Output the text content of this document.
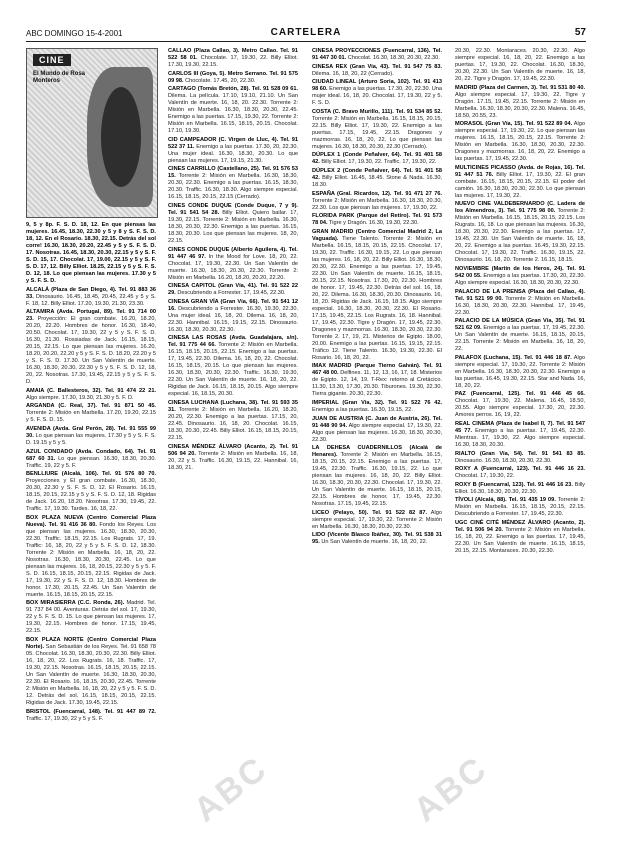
ABC DOMINGO 15-4-2001	CARTELERA	57
CINE
El Mundo de Rosa Monteros

9, 5 y 8p. F. S. D. 18, 12. En que piensas las mujeres. 16.45, 18.30, 22.30 y 5 y 8 y S. F. S. D. 18, 12. En el Rosario. 18.30, 22.15. Detrás del sol corre! 16.30, 18.30, 20.20, 22.45 y 5 y S. F. S. D. 17. Nosotras. 16.45, 18.30, 20.30, 22.15 y 5 y S. F. S. D. 15, 17. Chocolat. 17, 19.00, 22.15 y 5 y S. F. S. D. 17, 12. Billy Elliot. 18.25, 22.15 y 5 y S. F. S. D. 12, 18. Lo que piensan las mujeres. 17.30 y 5 y S. F. S. D.

ALCALÁ (Plaza de San Diego, 4). Tel. 91 883 36 33. Dinosaurio. 16.45, 18.45, 20.45, 22.45 y 5 y S. F. 18, 12. Billy Elliot. 17.20, 19.30, 21.30, 23.30.

ALTAMIRA (Avda. Portugal, 89). Tel. 91 714 00 23. Proyección: El gran combate. 16.20, 18.20, 20.20, 22.20. Hombres de honor. 16.30, 18.40, 20.50. Chocolat. 17, 19.30, 22 y 5 y S. F. S. D. 16.30, 21.30. Rossiadas de Jack. 16.15, 18.15, 20.15, 22.15. Lo que piensan las mujeres. 16.20, 18.20, 20.20, 22.20 y 5 y S. F. S. D. 18.20, 22.20 y 5 y S. F. S. D. 17.30. Un San Valentín de muerte. 16.30, 18.30, 20.30, 22.30 y 5 y 5. F. S. D. 12, 18, 20, 22. Nosotras. 17.30, 19.45, 22.15 y 5 y S. F. S. D.

AMAIA (C. Ballesteros, 32). Tel. 91 474 22 21. Algo siempre. 17.30, 19.30, 21.30 y 5. F. D.

ARGANDA (C. Real, 37). Tel. 91 871 50 45. Torrente 2: Misión en Marbella. 17.20, 19.20, 22.15 y 5. F. S. D. 15.

AVENIDA (Avda. Gral Perón, 28). Tel. 91 555 99 30. Lo que piensan las mujeres. 17.30 y 5 y S. F. S. D. 19.15 y 5 y 5.

AZUL CONDADO (Avda. Condado, 64). Tel. 91 687 60 31. Lo que piensan. 16.30, 18.30, 20.30. Traffic. 19, 22 y 5. F.

BENLLIURE (Alcalá, 106). Tel. 91 576 80 70. Proyecciones y El gran combate. 16.30, 18.30, 20.30, 22.30 y S. F. S. D. 12. El Rosario. 16.15, 18.15, 20.15, 22.15 y 5 y S. F. S. D. 12, 18. Rigidas de Jack. 16.20, 18.20. Nosotras. 17.30, 19.45, 22. Traffic. 17, 19.30. Tardes. 16, 18, 22.

BOX PLAZA NUEVA (Centro Comercial Plaza Nueva). Tel. 91 416 36 80. Fondo los Reyes. Los que piensan las mujeres. 16.30, 18.30, 20.30, 22.30. Traffic. 18.15, 22.15. Los Rugrats. 17, 19. Traffic: 16, 18, 20, 22 y 5 y 5. F. S. D. 12, 18.30. Torrente 2: Misión en Marbella. 16, 18, 20, 22. Nosotras. 16.30, 18.30, 20.30, 22.45. Lo que piensan las mujeres. 16, 18, 20.15, 22.30 y 5 y 5. F. S. D. 16.15, 18.15, 20.15, 22.15. Rigidas de Jack. 17, 19.30, 22 y S. F. S. D. 12, 18.30. Hombres de honor. 17.30, 20.15, 22.45. Un San Valentín de muerte. 16.15, 18.15, 20.15, 22.15.

BOX MIRASIERRA (C.C. Ronda, 26). Madrid. Tel. 91 737 84 00. Aventuras. Detrás del sol. 17, 19.30, 22 y 5. F. S. D. 15. Lo que piensan las mujeres. 17, 19.30, 22.15. Hombres de honor. 17.15, 19.45, 22.15.

BOX PLAZA NORTE (Centro Comercial Plaza Norte). San Sebastián de los Reyes. Tel. 91 658 78 05. Chocolat. 16.30, 18.30, 20.30, 22.30. Billy Elliot. 16, 18, 20, 22. Los Rugrats. 16, 18. Traffic. 17, 19.30, 22.15. Nosotras. 16.15, 18.15, 20.15, 22.15. Un San Valentín de muerte. 16.30, 18.30, 20.30, 22.30. El Rosario. 16, 18.15, 20.30, 22.45. Torrente 2: Misión en Marbella. 16, 18, 20, 22 y 5 y 5. F. S. D. 12. Detrás del sol. 16.15, 18.15, 20.15, 22.15. Rigidas de Jack. 17.30, 19.45, 22.15.

BRISTOL (Fuencarral, 148). Tel. 91 447 89 72. Traffic. 17, 19.30, 22 y 5 y S. F.

CALLAO (Plaza Callao, 3). Metro Callao. Tel. 91 522 58 01. Chocolate. 17, 19.30, 22. Billy Elliot. 17.30, 19.30, 22.15.

CARLOS III (Goya, 5). Metro Serrano. Tel. 91 575 09 98. Chocolate. 17.45, 20, 22.30.

CARTAGO (Tomás Bretón, 28). Tel. 91 528 09 61. Dilema. La película. 17.10, 19.10, 21.10. Un San Valentín de muerte. 16, 18, 20. 22.30. Torrente 2: Misión en Marbella. 16.30, 18.30, 20.30, 22.45. Enemigo a las puertas. 17.15, 19.30, 22. Torrente 2: Misión en Marbella. 16.15, 18.15, 20.15. Chocolat. 17.10, 19.30.

CID CAMPEADOR (C. Virgen de Lluc, 4). Tel. 91 522 37 11. Enemigo a las puertas. 17.30, 20, 22.30. Una mujer ideal. 16.30, 18.30, 20.30. Lo que piensan las mujeres. 17, 19.15, 21.30.

CINES CARRILLO (Castellano, 25). Tel. 91 576 53 15. Torrente 2: Misión en Marbella. 16.30, 18.30, 20.30, 22.30. Enemigo a las puertas. 16.15, 18.30, 20.30. Traffic. 16.30, 18.30. Algo siempre especial. 16.15, 18.15, 20.15, 22.15 (Cerrado).

CINES CONDE DUQUE (Conde Duque, 7 y 9). Tel. 91 541 54 28. Billy Elliot. Quiero bailar. 17, 19.30, 22.15. Torrente 2: Misión en Marbella. 16.30, 18.30, 20.30, 22.30. Enemigo a las puertas. 16.15, 18.30, 20.30. Los que piensan las mujeres. 18, 20, 22.15.

CINES CONDE DUQUE (Alberto Aguilera, 4). Tel. 91 447 46 97. In the Mood for Love. 18, 20, 22. Chocolat. 17, 19.30, 22.30. Un San Valentín de muerte. 16.30, 18.30, 20.30, 22.30. Torrente 2: Misión en Marbella. 16.20, 18.20, 20.20, 22.20.

CINESA CAPITOL (Gran Vía, 41). Tel. 91 522 22 29. Descubriendo a Forrester. 17, 19.45, 22.30.

CINESA GRAN VÍA (Gran Vía, 66). Tel. 91 541 12 16. Descubriendo a Forrester. 16.30, 19.30, 22.30. Una mujer ideal. 16, 18, 20. Dilema. 16, 18, 20, 22.30. Hannibal. 16.15, 19.15, 22.15. Dinosaurio. 16.30, 18.30, 20.30, 22.30.

CINESA LAS ROSAS (Avda. Guadalajara, s/n). Tel. 91 775 44 66. Torrente 2: Misión en Marbella. 16.15, 18.15, 20.15, 22.15. Enemigo a las puertas. 17, 19.45, 22.30. Dilema. 16, 18, 20, 22. Chocolat. 16.15, 18.15, 20.15. Lo que piensan las mujeres. 16.30, 18.30, 20.30, 22.30. Traffic. 16.30, 19.30, 22.30. Un San Valentín de muerte. 16, 18, 20, 22. Rigidas de Jack. 16.15, 18.15, 20.15. Algo siempre especial. 16, 18.15, 20.30.

CINESA LUCHANA (Luchana, 38). Tel. 91 593 35 31. Torrente 2: Misión en Marbella. 16.20, 18.20, 20.20, 22.30. Enemigo a las puertas. 17.15, 20, 22.45. Dinosaurio. 16, 18, 20. Chocolat. 16.15, 18.30, 20.30, 22.45. Billy Elliot. 16.15, 18.15, 20.15, 22.15.

CINESA MÉNDEZ ÁLVARO (Acanto, 2). Tel. 91 506 94 20. Torrente 2: Misión en Marbella. 16, 18, 20, 22 y 5. Traffic. 16.30, 19.15, 22. Hannibal. 16, 18.30, 21.

CINESA PROYECCIONES (Fuencarral, 136). Tel. 91 447 30 01. Chocolat. 16.30, 18.30, 20.30, 22.30.

CINESA REX (Gran Vía, 43). Tel. 91 547 75 83. Dilema. 16, 18, 20, 22 (Cerrado).

CIUDAD LINEAL (Arturo Soria, 102). Tel. 91 413 98 60. Enemigo a las puertas. 17.30, 20, 22.30. Una mujer ideal. 16, 18, 20. Chocolat. 17, 19.30, 22 y 5. F. S. D.

COSTA (C. Bravo Murillo, 111). Tel. 91 534 85 52. Torrente 2: Misión en Marbella. 16.15, 18.15, 20.15, 22.15. Billy Elliot. 17, 19.30, 22. Enemigo a las puertas. 17.15, 19.45, 22.15. Dragones y mazmorras. 16, 18, 20, 22. Lo que piensan las mujeres. 16.30, 18.30, 20.30, 22.30 (Cerrado).

DÚPLEX 1 (Conde Peñalver, 64). Tel. 91 401 58 42. Billy Elliot. 17, 19.30, 22. Traffic. 17, 19.30, 22.

DÚPLEX 2 (Conde Peñalver, 64). Tel. 91 401 58 42. Billy Elliot. 16.45, 18.45. Stone & Nada. 16.30, 18.30.

ESPAÑA (Gral. Ricardos, 12). Tel. 91 471 27 76. Torrente 2: Misión en Marbella. 16.30, 18.30, 20.30, 22.30. Los que piensan las mujeres. 17, 19.30, 22.

FLORIDA PARK (Parque del Retiro). Tel. 91 573 78 04. Tigre y Dragón. 16.30, 19.30, 22.30.

GRAN MADRID (Centro Comercial Madrid 2, La Vaguada). Tiene Talento. Torrente 2: Misión en Marbella. 16.15, 18.15, 20.15, 22.15. Chocolat. 17, 19.30, 22. Traffic. 16.30, 19.15, 22. Lo que piensan las mujeres. 16, 18, 20, 22. Billy Elliot. 16.30, 18.30, 20.30, 22.30. Enemigo a las puertas. 17, 19.45, 22.30. Un San Valentín de muerte. 16.15, 18.15, 20.15, 22.15. Nosotras. 17.30, 20, 22.30. Hombres de honor. 17, 19.45, 22.30. Detrás del sol. 16, 18, 20, 22. Dilema. 16.30, 18.30, 20.30. Dinosaurio. 16, 18, 20. Rigidas de Jack. 16.15, 18.15. Algo siempre especial. 16.30, 18.30, 20.30, 22.30. El Rosario. 17.15, 19.45, 22.15. Los Rugrats. 16, 18. Hannibal. 17, 19.45, 22.30. Tigre y Dragón. 17, 19.45, 22.30. Dragones y mazmorras. 16.30, 18.30, 20.30, 22.30. Torrente 2. 17, 19, 21. Misterios de Egipto. 18.00, 20.00. Enemigo a las puertas. 16.15, 19.15, 22.15. Tráfico 12. Tiene Talento. 16.30, 19.30, 22.30. El Rosario. 16, 18, 20, 22.

IMAX MADRID (Parque Tierno Galván). Tel. 91 467 48 00. Delfines. 11, 12, 13, 16, 17, 18. Misterios de Egipto. 12, 14, 19. T-Rex: retorno al Cretácico. 11.30, 13.30, 17.30, 20.30. Tiburones. 19.30, 22.30. Tierra gigante. 20.30, 22.30.

IMPERIAL (Gran Vía, 32). Tel. 91 522 76 42. Enemigo a las puertas. 16.30, 19.15, 22.

JUAN DE AUSTRIA (C. Juan de Austria, 26). Tel. 91 448 90 94. Algo siempre especial. 17, 19.30, 22. Algo que piensan las mujeres. 16.30, 18.30, 20.30, 22.30.

LA DEHESA CUADERNILLOS (Alcalá de Henares). Torrente 2: Misión en Marbella. 16.15, 18.15, 20.15, 22.15. Enemigo a las puertas. 17, 19.45, 22.30. Traffic. 16.30, 19.15, 22. Lo que piensan las mujeres. 16, 18, 20, 22. Billy Elliot. 16.30, 18.30, 20.30, 22.30. Chocolat. 17, 19.30, 22. Un San Valentín de muerte. 16.15, 18.15, 20.15, 22.15. Hombres de honor. 17, 19.45, 22.30. Nosotras. 17.15, 19.45, 22.15.

LICEO (Pelayo, 50). Tel. 91 522 82 87. Algo siempre especial. 17, 19.30, 22. Torrente 2: Misión en Marbella. 16.30, 18.30, 20.30, 22.30.

LIDO (Vicente Blasco Ibáñez, 30). Tel. 91 538 31 95. Un San Valentín de muerte. 16, 18, 20, 22.

20.30, 22.30. Montaraces. 20.30, 22.30. Algo siempre especial. 16, 18, 20, 22. Enemigo a las puertas. 17, 19.30, 22. Chocolat. 16.30, 18.30, 20.30, 22.30. Un San Valentín de muerte. 16, 18, 20, 22. Tigre y Dragón. 17, 19.45, 22.30.

MADRID (Plaza del Carmen, 3). Tel. 91 531 80 40. Algo siempre especial. 17, 19.30, 22. Tigre y Dragón. 17.15, 19.45, 22.15. Torrente 2: Misión en Marbella. 16.30, 18.30, 20.30, 22.30. Malena. 16.45, 18.50, 20.55, 23.

MORASOL (Gran Vía, 15). Tel. 91 522 89 04. Algo siempre especial. 17, 19.30, 22. Lo que piensan las mujeres. 16.15, 18.15, 20.15, 22.15. Torrente 2: Misión en Marbella. 16.30, 18.30, 20.30, 22.30. Dragones y mazmorras. 16, 18, 20, 22. Enemigo a las puertas. 17, 19.45, 22.30.

MULTICINES PICASSO (Avda. de Rojas, 16). Tel. 91 447 51 76. Billy Elliot. 17, 19.30, 22. El gran combate. 16.15, 18.15, 20.15, 22.15. El poder del camión. 16.30, 18.30, 20.30, 22.30. Lo que piensan las mujeres. 17, 19.30, 22.

NUEVO CINE VALDEBERNARDO (C. Ladera de los Almendros, 3). Tel. 91 775 98 00. Torrente 2: Misión en Marbella. 16.15, 18.15, 20.15, 22.15. Los Rugrats. 16, 18. Lo que piensan las mujeres. 16.30, 18.30, 20.30, 22.30. Enemigo a las puertas. 17, 19.45, 22.30. Un San Valentín de muerte. 16, 18, 20, 22. Enemigo a las puertas. 16.45, 19.30, 22.15. Chocolat. 17, 19.30, 22. Traffic. 16.30, 19.15, 22. Dinosaurio. 16, 18, 20. Torrente 2. 16.15, 18.15.

NOVIEMBRE (Martín de los Heros, 24). Tel. 91 542 00 55. Enemigo a las puertas. 17.30, 20, 22.30. Algo siempre especial. 16.30, 18.30, 20.30, 22.30.

PALACIO DE LA PRENSA (Plaza del Callao, 4). Tel. 91 521 99 00. Torrente 2: Misión en Marbella. 16.30, 18.30, 20.30, 22.30. Hannibal. 17, 19.45, 22.30.

PALACIO DE LA MÚSICA (Gran Vía, 35). Tel. 91 521 62 09. Enemigo a las puertas. 17, 19.45, 22.30. Un San Valentín de muerte. 16.15, 18.15, 20.15, 22.15. Torrente 2: Misión en Marbella. 16, 18, 20, 22.

PALAFOX (Luchana, 15). Tel. 91 446 18 87. Algo siempre especial. 17, 19.30, 22. Torrente 2: Misión en Marbella. 16.30, 18.30, 20.30, 22.30. Enemigo a las puertas. 16.45, 19.30, 22.15. Star and Nada. 16, 18, 20, 22.

PAZ (Fuencarral, 125). Tel. 91 446 45 66. Chocolat. 17, 19.30, 22. Malena. 16.45, 18.50, 20.55. Algo siempre especial. 17.30, 20, 22.30. Amores perros. 16, 19, 22.

REAL CINEMA (Plaza de Isabel II, 7). Tel. 91 547 45 77. Enemigo a las puertas. 17, 19.45, 22.30. Mientras. 17, 19.30, 22. Algo siempre especial. 16.30, 18.30, 20.30.

RIALTO (Gran Vía, 54). Tel. 91 541 83 85. Dinosaurio. 16.30, 18.30, 20.30, 22.30.

ROXY A (Fuencarral, 123). Tel. 91 446 16 23. Chocolat. 17, 19.30, 22.

ROXY B (Fuencarral, 123). Tel. 91 446 16 23. Billy Elliot. 16.30, 18.30, 20.30, 22.30.

TÍVOLI (Alcalá, 88). Tel. 91 435 19 09. Torrente 2: Misión en Marbella. 16.15, 18.15, 20.15, 22.15. Descubriendo a Forrester. 17, 19.45, 22.30.

UGC CINÉ CITÉ MÉNDEZ ÁLVARO (Acanto, 2). Tel. 91 506 94 20. Torrente 2: Misión en Marbella. 16, 18, 20, 22. Enemigo a las puertas. 17, 19.45, 22.30. Un San Valentín de muerte. 16.15, 18.15, 20.15, 22.15. Montaraces. 20.30, 22.30.

ABC	ABC
